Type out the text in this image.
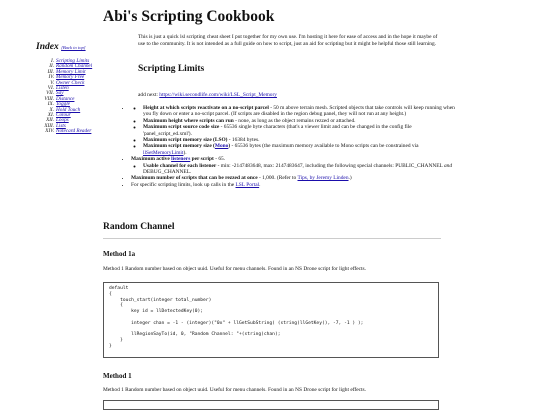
Abi's Scripting Cookbook
This is just a quick lsl scripting cheat sheet I put together for my own use. I'm hosting it here for ease of access and in the hope it maybe of use to the community. It is not intended as a full guide on how to script, just an aid for scripting but it might be helpful those still learning.

Index [Back to top]

I. Scripting Limits
II. Random Channel
III. Memory Limit
IV. Memory Free
V. Owner Check
VI. Listen
VII. Say
VIII. Distance
IX. Toggle
X. Hold Touch
XI. Colour
XII. Loops
XIII. Lists
XIV. Notecard Reader
Scripting Limits
add next: https://wiki.secondlife.com/wiki/LSL_Script_Memory
◦ • Height at which scripts reactivate on a no-script parcel - 50 m above terrain mesh. Scripted objects that take controls will keep running when you fly down or enter a no-script parcel. (If scripts are disabled in the region debug panel, they will not run at any height.)
◦ Maximum height where scripts can run - none, as long as the object remains rezzed or attached.
◦ Maximum script source code size - 65536 single byte characters (that's a viewer limit and can be changed in the config file 'panel_script_ed.xml').
◦ Maximum script memory size (LSO) - 16384 bytes.
◦ Maximum script memory size (Mono) - 65536 bytes (the maximum memory available to Mono scripts can be constrained via llSetMemoryLimit).
• Maximum active listeners per script - 65.
◦ Usable channel for each listener - min: -2147483648, max: 2147483647, including the following special channels: PUBLIC_CHANNEL and DEBUG_CHANNEL.
• Maximum number of scripts that can be rezzed at once - 1,000. (Refer to Tips, by Jeremy Linden.)
• For specific scripting limits, look up calls in the LSL Portal.
Random Channel
Method 1a
Method 1 Random number based on object uuid. Useful for menu channels. Found in an NS Drone script for light effects.
default
{
touch_start(integer total_number)
{
key id = llDetectedKey(0);

integer chan = -1 - (integer)("0x" + llGetSubString( (string)llGetKey(), -7, -1 ) );

llRegionSayTo(id, 0, "Random Channel: "+(string)chan);
}
}
Method 1
Method 1 Random number based on object uuid. Useful for menu channels. Found in an NS Drone script for light effects.
